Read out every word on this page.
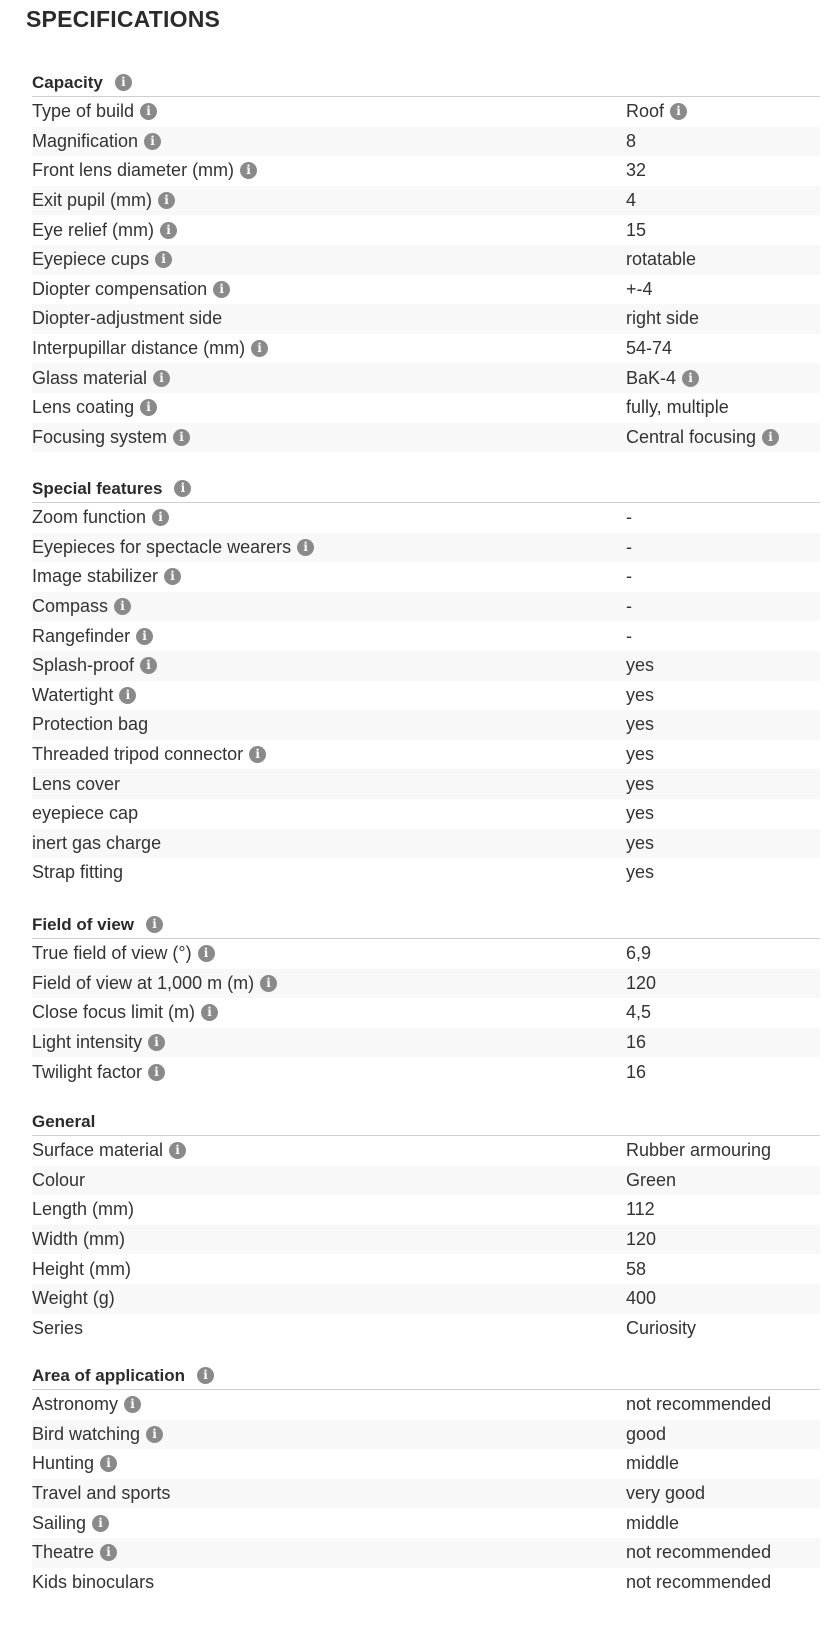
SPECIFICATIONS
Capacity	i
Type of build	i	Roof	i
Magnification	i	8
Front lens diameter (mm)	i	32
Exit pupil (mm)	i	4
Eye relief (mm)	i	15
Eyepiece cups	i	rotatable
Diopter compensation	i	+-4
Diopter-adjustment side	right side
Interpupillar distance (mm)	i	54-74
Glass material	i	BaK-4	i
Lens coating	i	fully, multiple
Focusing system	i	Central focusing	i
Special features	i
Zoom function	i	-
Eyepieces for spectacle wearers	i	-
Image stabilizer	i	-
Compass	i	-
Rangefinder	i	-
Splash-proof	i	yes
Watertight	i	yes
Protection bag	yes
Threaded tripod connector	i	yes
Lens cover	yes
eyepiece cap	yes
inert gas charge	yes
Strap fitting	yes
Field of view	i
True field of view (°)	i	6,9
Field of view at 1,000 m (m)	i	120
Close focus limit (m)	i	4,5
Light intensity	i	16
Twilight factor	i	16
General
Surface material	i	Rubber armouring
Colour	Green
Length (mm)	112
Width (mm)	120
Height (mm)	58
Weight (g)	400
Series	Curiosity
Area of application	i
Astronomy	i	not recommended
Bird watching	i	good
Hunting	i	middle
Travel and sports	very good
Sailing	i	middle
Theatre	i	not recommended
Kids binoculars	not recommended
